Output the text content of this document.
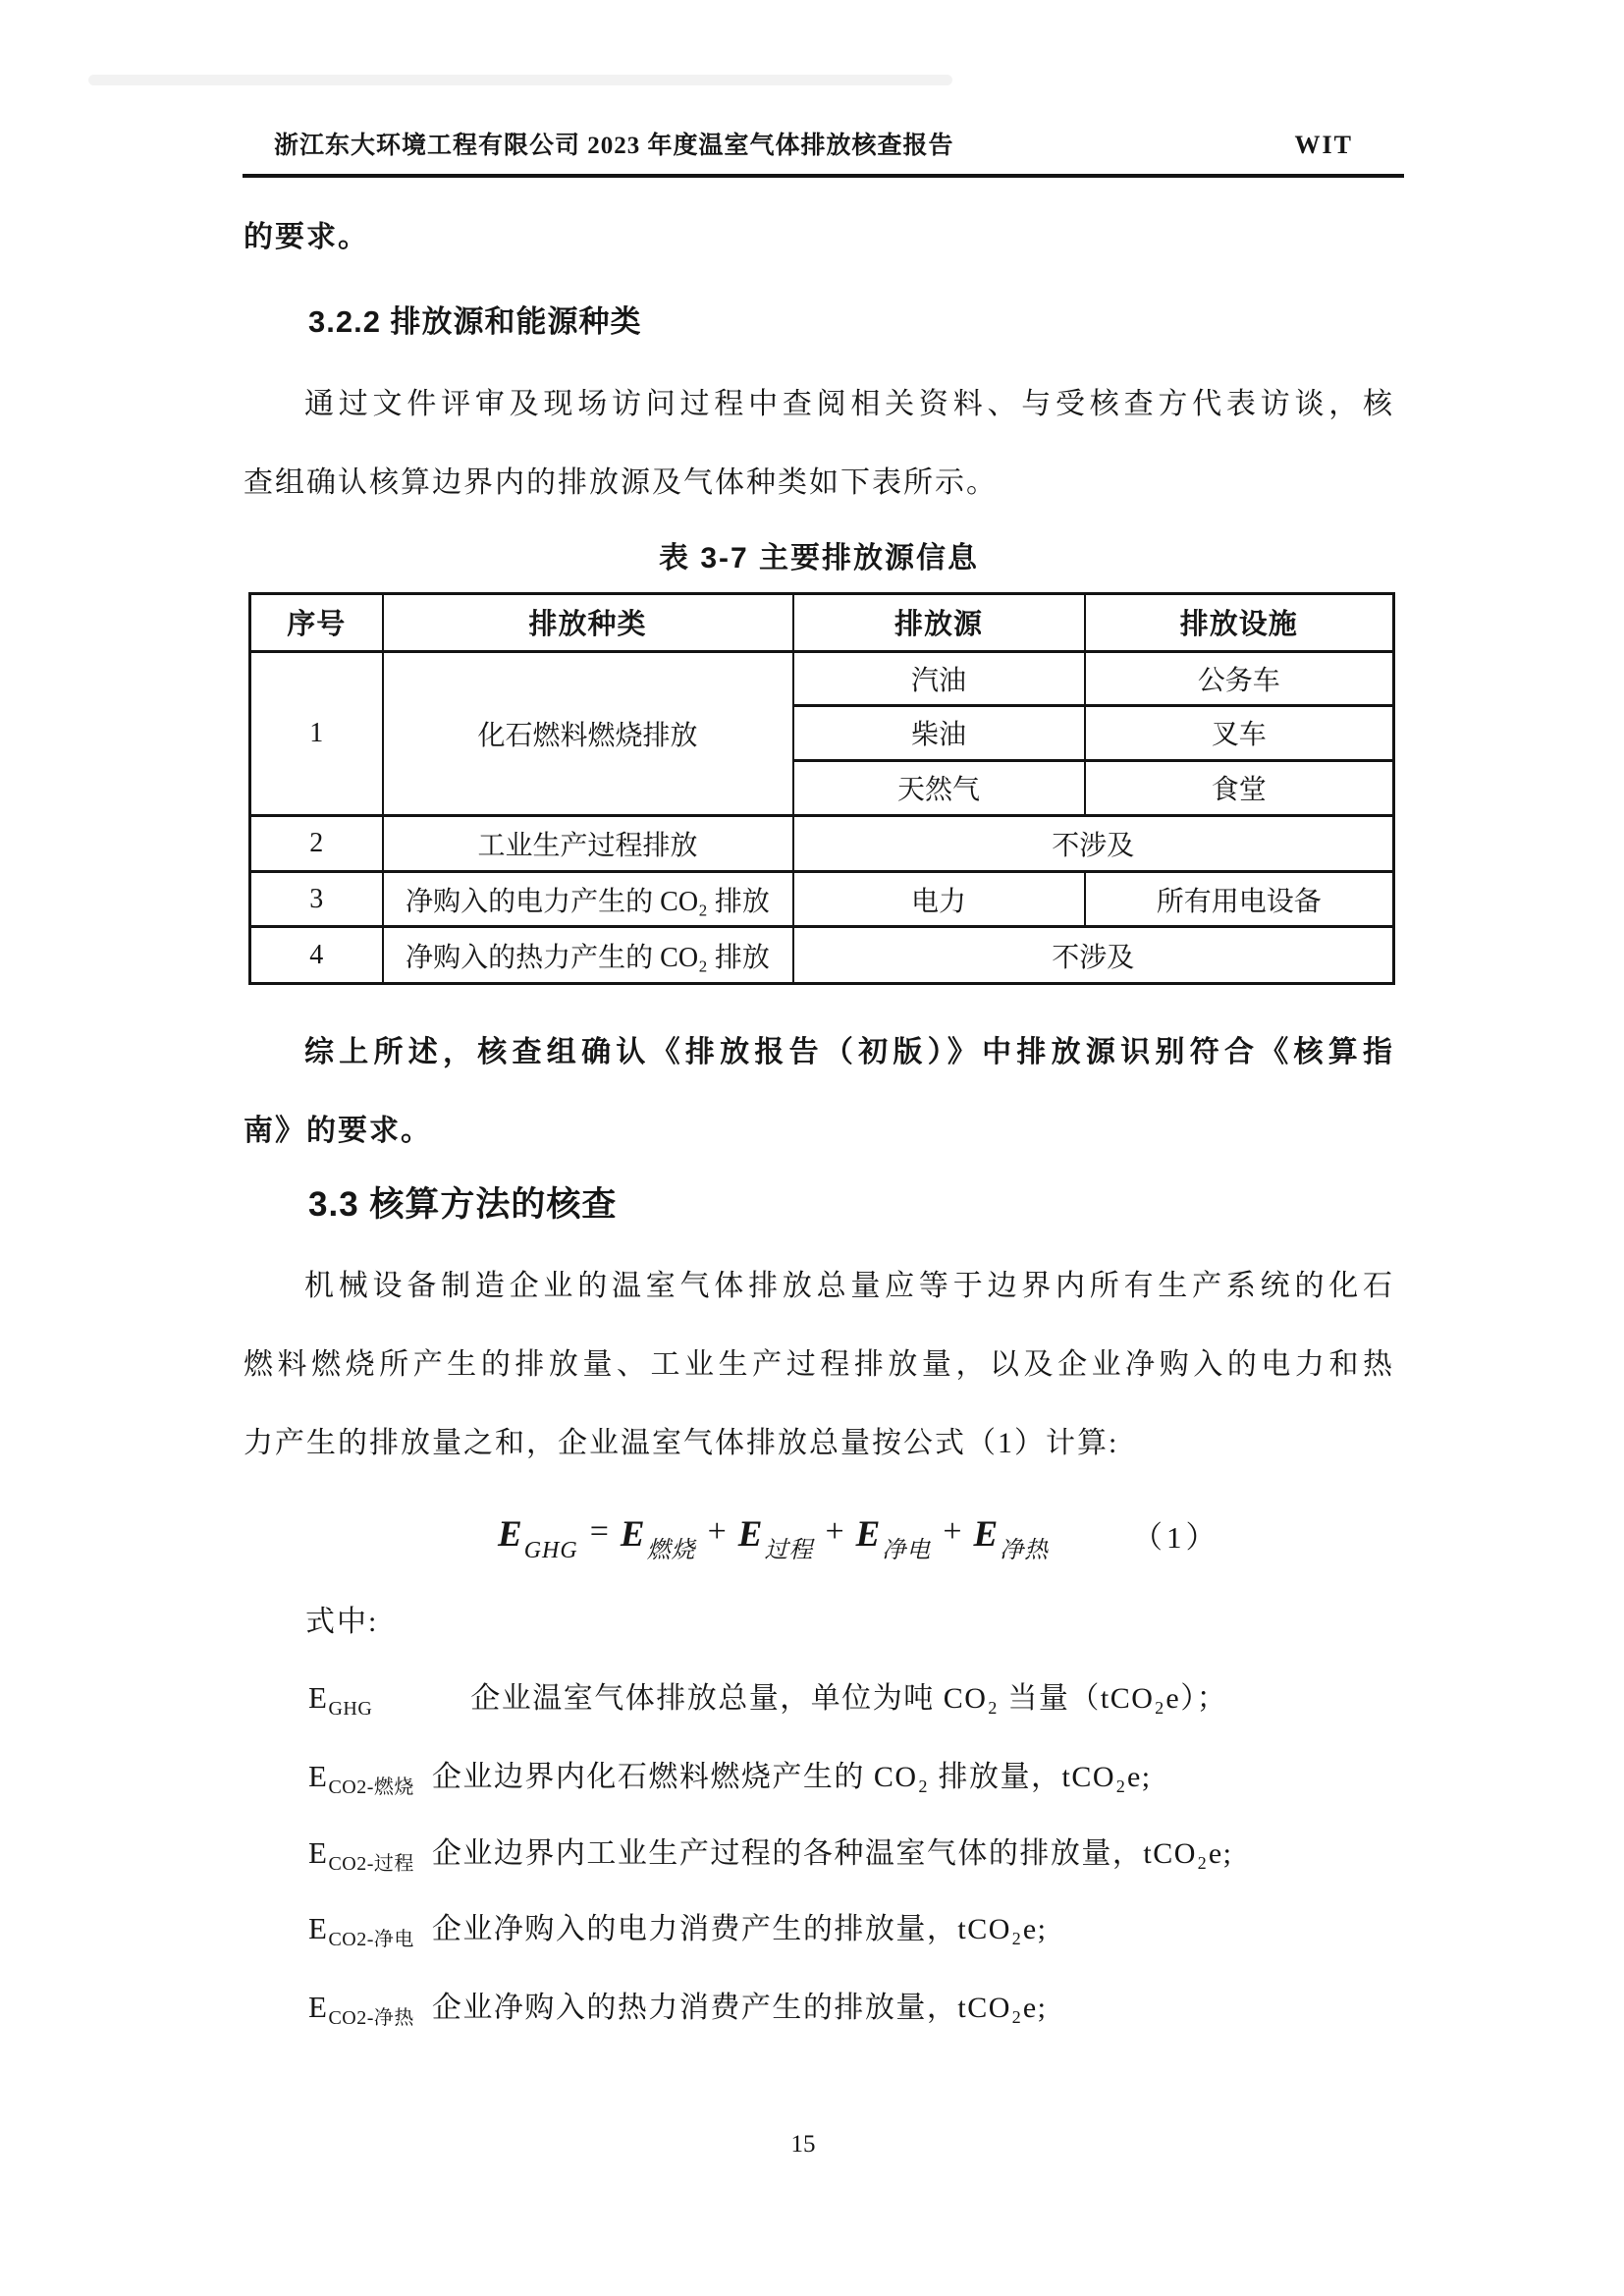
浙江东大环境工程有限公司 2023 年度温室气体排放核查报告	WIT
的要求。
3.2.2 排放源和能源种类
通过文件评审及现场访问过程中查阅相关资料、与受核查方代表访谈，核
查组确认核算边界内的排放源及气体种类如下表所示。
表 3-7 主要排放源信息
序号	排放种类	排放源	排放设施
1	化石燃料燃烧排放	汽油	公务车
		柴油	叉车
		天然气	食堂
2	工业生产过程排放	不涉及	
3	净购入的电力产生的 CO₂ 排放	电力	所有用电设备
4	净购入的热力产生的 CO₂ 排放	不涉及	
综上所述，核查组确认《排放报告（初版）》中排放源识别符合《核算指
南》的要求。
3.3 核算方法的核查
机械设备制造企业的温室气体排放总量应等于边界内所有生产系统的化石
燃料燃烧所产生的排放量、工业生产过程排放量，以及企业净购入的电力和热
力产生的排放量之和，企业温室气体排放总量按公式（1）计算:
EGHG
= E燃烧
+ E过程
+ E净电
+ E净热	（1）
式中:
$E_{GHG}$	企业温室气体排放总量，单位为吨 CO₂ 当量（tCO₂e）；
$E_{CO2-燃烧}$ 企业边界内化石燃料燃烧产生的 CO₂ 排放量，tCO₂e;
$E_{CO2-过程}$ 企业边界内工业生产过程的各种温室气体的排放量，tCO₂e;
$E_{CO2-净电}$ 企业净购入的电力消费产生的排放量，tCO₂e;
$E_{CO2-净热}$ 企业净购入的热力消费产生的排放量，tCO₂e;
15
